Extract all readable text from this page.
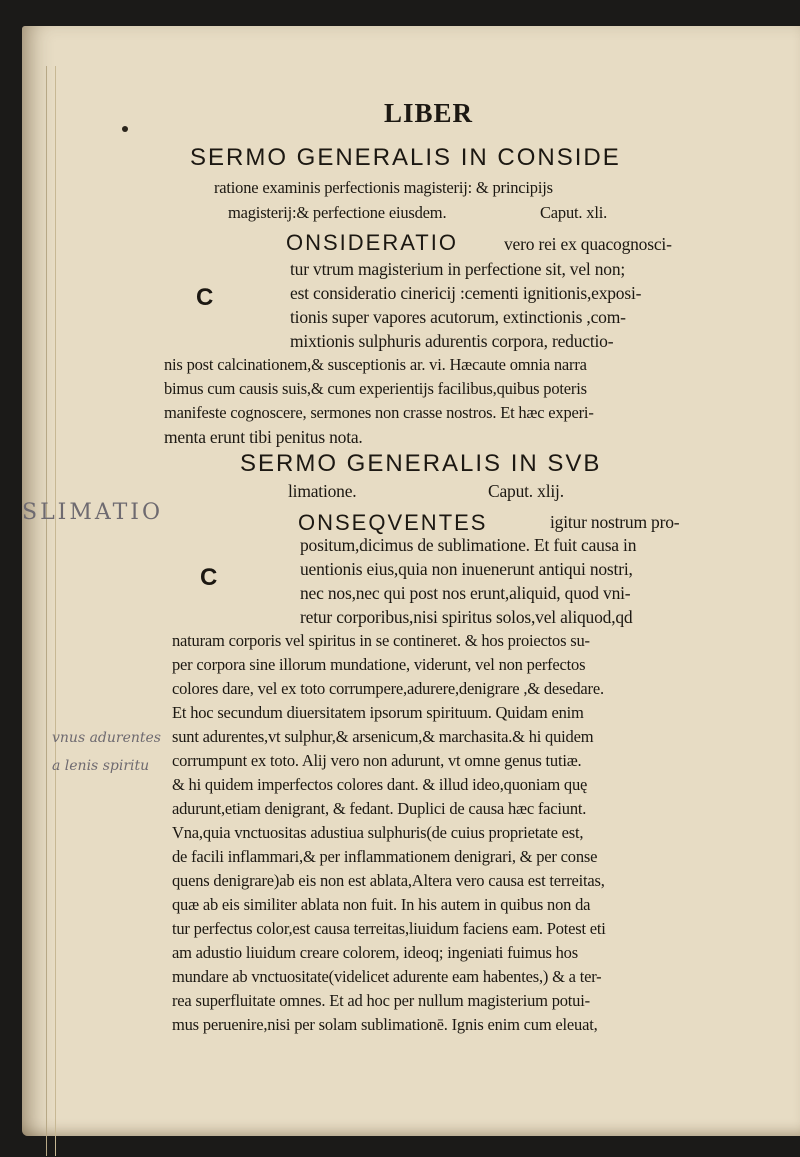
LIBER
SERMO GENERALIS IN CONSIDE
ratione examinis perfectionis magisterij: & principijs
magisterij:& perfectione eiusdem.	Caput. xli.
C
ONSIDERATIO	vero rei ex quacognosci-
tur vtrum magisterium in perfectione sit, vel non;
est consideratio cinericij :cementi ignitionis,exposi-
tionis super vapores acutorum, extinctionis ,com-
mixtionis sulphuris adurentis corpora, reductio-
nis post calcinationem,& susceptionis ar. vi. Hæcaute omnia narra
bimus cum causis suis,& cum experientijs facilibus,quibus poteris
manifeste cognoscere, sermones non crasse nostros. Et hæc experi-
menta erunt tibi penitus nota.
SERMO GENERALIS IN SVB
limatione.	Caput. xlij.
SLIMATIO
C
ONSEQVENTES	igitur nostrum pro-
positum,dicimus de sublimatione. Et fuit causa in
uentionis eius,quia non inuenerunt antiqui nostri,
nec nos,nec qui post nos erunt,aliquid, quod vni-
retur corporibus,nisi spiritus solos,vel aliquod,qd
naturam corporis vel spiritus in se contineret. & hos proiectos su-
per corpora sine illorum mundatione, viderunt, vel non perfectos
colores dare, vel ex toto corrumpere,adurere,denigrare ,& desedare.
Et hoc secundum diuersitatem ipsorum spirituum. Quidam enim
vnus adurentes sunt adurentes,vt sulphur,& arsenicum,& marchasita.& hi quidem
a lenis spiritu corrumpunt ex toto. Alij vero non adurunt, vt omne genus tutiæ.
& hi quidem imperfectos colores dant. & illud ideo,quoniam quę
adurunt,etiam denigrant, & fedant. Duplici de causa hæc faciunt.
Vna,quia vnctuositas adustiua sulphuris(de cuius proprietate est,
de facili inflammari,& per inflammationem denigrari, & per conse
quens denigrare)ab eis non est ablata,Altera vero causa est terreitas,
quæ ab eis similiter ablata non fuit. In his autem in quibus non da
tur perfectus color,est causa terreitas,liuidum faciens eam. Potest eti
am adustio liuidum creare colorem, ideoq; ingeniati fuimus hos
mundare ab vnctuositate(videlicet adurente eam habentes,) & a ter-
rea superfluitate omnes. Et ad hoc per nullum magisterium potui-
mus peruenire,nisi per solam sublimationē. Ignis enim cum eleuat,
